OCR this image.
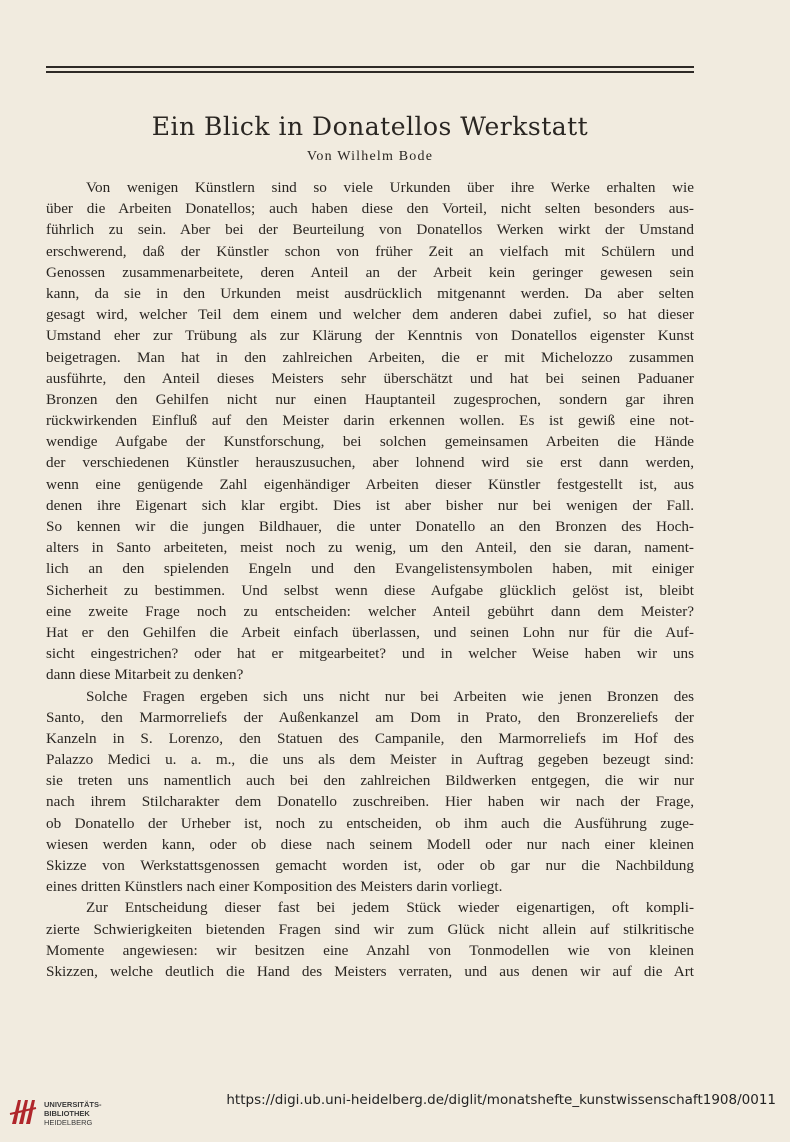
Ein Blick in Donatellos Werkstatt
Von Wilhelm Bode
Von wenigen Künstlern sind so viele Urkunden über ihre Werke erhalten wie
über die Arbeiten Donatellos; auch haben diese den Vorteil, nicht selten besonders aus-
führlich zu sein. Aber bei der Beurteilung von Donatellos Werken wirkt der Umstand
erschwerend, daß der Künstler schon von früher Zeit an vielfach mit Schülern und
Genossen zusammenarbeitete, deren Anteil an der Arbeit kein geringer gewesen sein
kann, da sie in den Urkunden meist ausdrücklich mitgenannt werden. Da aber selten
gesagt wird, welcher Teil dem einem und welcher dem anderen dabei zufiel, so hat dieser
Umstand eher zur Trübung als zur Klärung der Kenntnis von Donatellos eigenster Kunst
beigetragen. Man hat in den zahlreichen Arbeiten, die er mit Michelozzo zusammen
ausführte, den Anteil dieses Meisters sehr überschätzt und hat bei seinen Paduaner
Bronzen den Gehilfen nicht nur einen Hauptanteil zugesprochen, sondern gar ihren
rückwirkenden Einfluß auf den Meister darin erkennen wollen. Es ist gewiß eine not-
wendige Aufgabe der Kunstforschung, bei solchen gemeinsamen Arbeiten die Hände
der verschiedenen Künstler herauszusuchen, aber lohnend wird sie erst dann werden,
wenn eine genügende Zahl eigenhändiger Arbeiten dieser Künstler festgestellt ist, aus
denen ihre Eigenart sich klar ergibt. Dies ist aber bisher nur bei wenigen der Fall.
So kennen wir die jungen Bildhauer, die unter Donatello an den Bronzen des Hoch-
alters in Santo arbeiteten, meist noch zu wenig, um den Anteil, den sie daran, nament-
lich an den spielenden Engeln und den Evangelistensymbolen haben, mit einiger
Sicherheit zu bestimmen. Und selbst wenn diese Aufgabe glücklich gelöst ist, bleibt
eine zweite Frage noch zu entscheiden: welcher Anteil gebührt dann dem Meister?
Hat er den Gehilfen die Arbeit einfach überlassen, und seinen Lohn nur für die Auf-
sicht eingestrichen? oder hat er mitgearbeitet? und in welcher Weise haben wir uns
dann diese Mitarbeit zu denken?
Solche Fragen ergeben sich uns nicht nur bei Arbeiten wie jenen Bronzen des
Santo, den Marmorreliefs der Außenkanzel am Dom in Prato, den Bronzereliefs der
Kanzeln in S. Lorenzo, den Statuen des Campanile, den Marmorreliefs im Hof des
Palazzo Medici u. a. m., die uns als dem Meister in Auftrag gegeben bezeugt sind:
sie treten uns namentlich auch bei den zahlreichen Bildwerken entgegen, die wir nur
nach ihrem Stilcharakter dem Donatello zuschreiben. Hier haben wir nach der Frage,
ob Donatello der Urheber ist, noch zu entscheiden, ob ihm auch die Ausführung zuge-
wiesen werden kann, oder ob diese nach seinem Modell oder nur nach einer kleinen
Skizze von Werkstattsgenossen gemacht worden ist, oder ob gar nur die Nachbildung
eines dritten Künstlers nach einer Komposition des Meisters darin vorliegt.
Zur Entscheidung dieser fast bei jedem Stück wieder eigenartigen, oft kompli-
zierte Schwierigkeiten bietenden Fragen sind wir zum Glück nicht allein auf stilkritische
Momente angewiesen: wir besitzen eine Anzahl von Tonmodellen wie von kleinen
Skizzen, welche deutlich die Hand des Meisters verraten, und aus denen wir auf die Art
UNIVERSITÄTS-
BIBLIOTHEK
HEIDELBERG
https://digi.ub.uni-heidelberg.de/diglit/monatshefte_kunstwissenschaft1908/0011
